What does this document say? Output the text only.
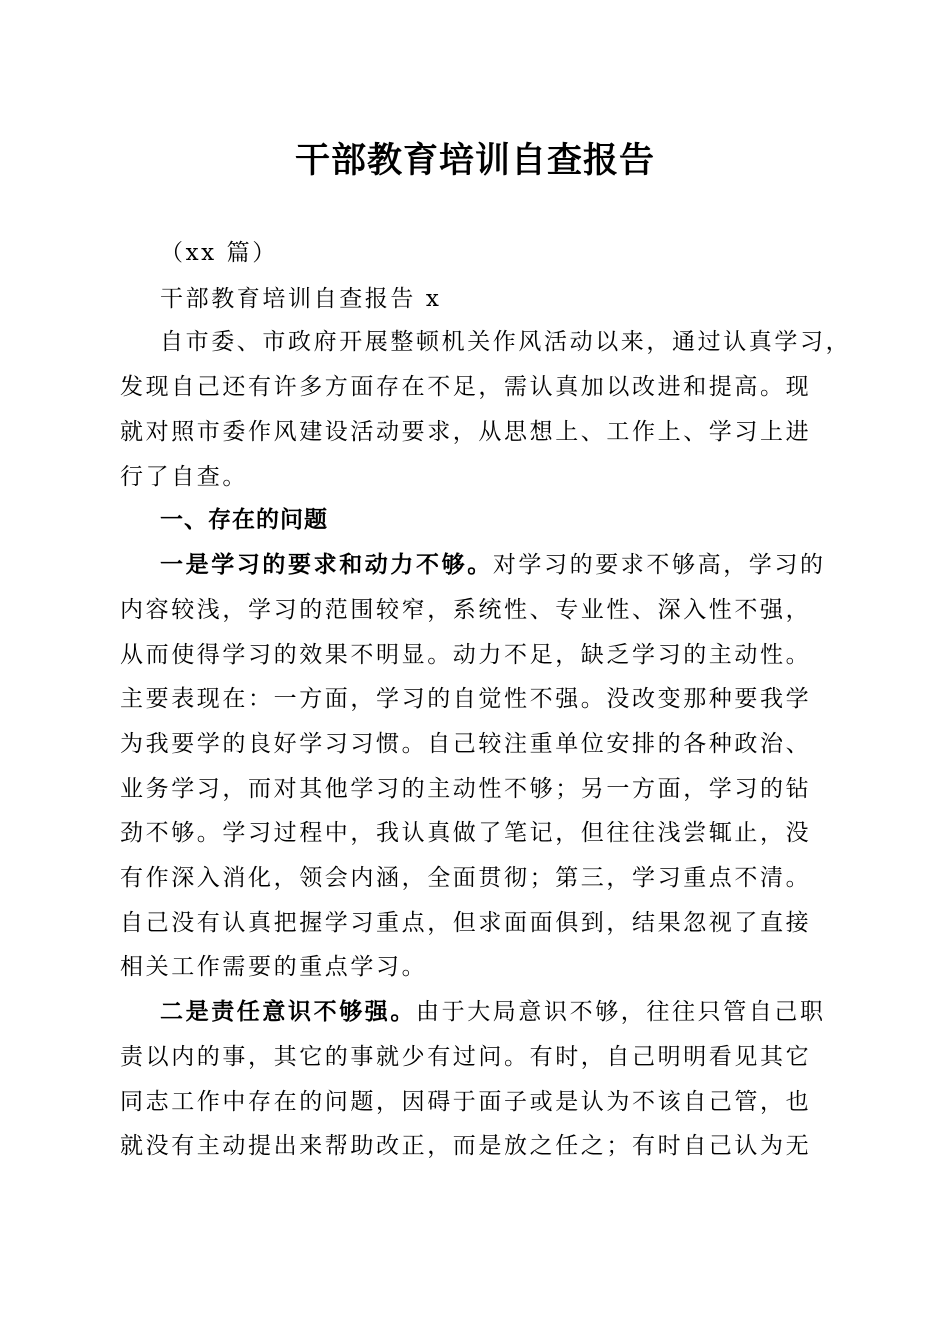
干部教育培训自查报告
（xx 篇）
干部教育培训自查报告 x
自市委、市政府开展整顿机关作风活动以来，通过认真学习，
发现自己还有许多方面存在不足，需认真加以改进和提高。现
就对照市委作风建设活动要求，从思想上、工作上、学习上进
行了自查。
一、存在的问题
一是学习的要求和动力不够。对学习的要求不够高，学习的
内容较浅，学习的范围较窄，系统性、专业性、深入性不强，
从而使得学习的效果不明显。动力不足，缺乏学习的主动性。
主要表现在：一方面，学习的自觉性不强。没改变那种要我学
为我要学的良好学习习惯。自己较注重单位安排的各种政治、
业务学习，而对其他学习的主动性不够；另一方面，学习的钻
劲不够。学习过程中，我认真做了笔记，但往往浅尝辄止，没
有作深入消化，领会内涵，全面贯彻；第三，学习重点不清。
自己没有认真把握学习重点，但求面面俱到，结果忽视了直接
相关工作需要的重点学习。
二是责任意识不够强。由于大局意识不够，往往只管自己职
责以内的事，其它的事就少有过问。有时，自己明明看见其它
同志工作中存在的问题，因碍于面子或是认为不该自己管，也
就没有主动提出来帮助改正，而是放之任之；有时自己认为无
